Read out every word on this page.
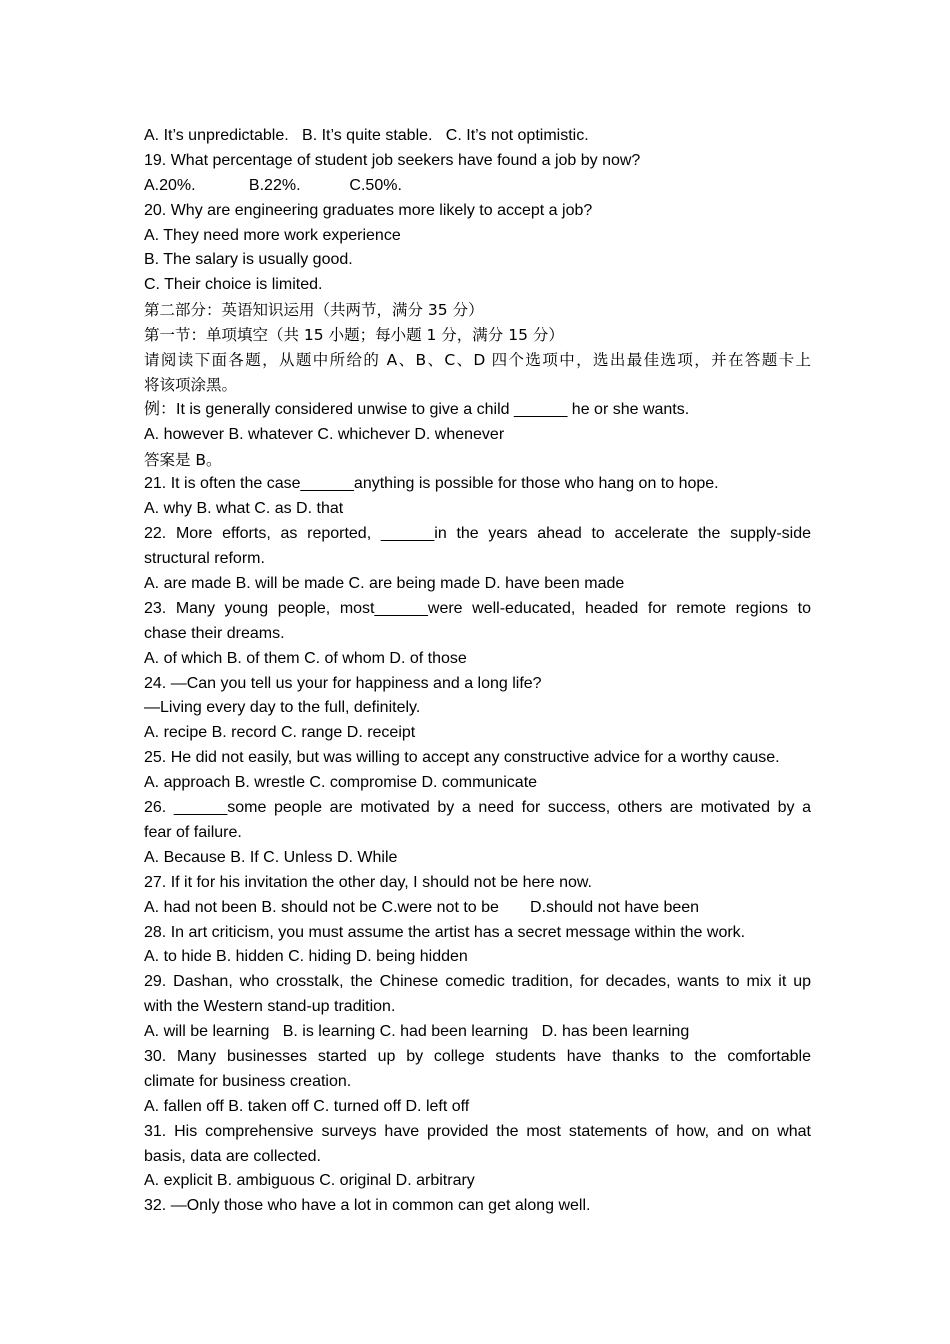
A. It’s unpredictable.   B. It’s quite stable.   C. It’s not optimistic.
19. What percentage of student job seekers have found a job by now?
A.20%.            B.22%.           C.50%.
20. Why are engineering graduates more likely to accept a job?
A. They need more work experience
B. The salary is usually good.
C. Their choice is limited.
第二部分：英语知识运用（共两节，满分 35 分）
第一节：单项填空（共 15 小题；每小题 1 分，满分 15 分）
请阅读下面各题，从题中所给的 A、B、C、D 四个选项中，选出最佳选项，并在答题卡上
将该项涂黑。
例：It is generally considered unwise to give a child ______ he or she wants.
A. however B. whatever C. whichever D. whenever
答案是 B。
21. It is often the case______anything is possible for those who hang on to hope.
A. why B. what C. as D. that
22. More efforts, as reported, ______in the years ahead to accelerate the supply-side
structural reform.
A. are made B. will be made C. are being made D. have been made
23. Many young people, most______were well-educated, headed for remote regions to
chase their dreams.
A. of which B. of them C. of whom D. of those
24. —Can you tell us your for happiness and a long life?
—Living every day to the full, definitely.
A. recipe B. record C. range D. receipt
25. He did not easily, but was willing to accept any constructive advice for a worthy cause.
A. approach B. wrestle C. compromise D. communicate
26. ______some people are motivated by a need for success, others are motivated by a
fear of failure.
A. Because B. If C. Unless D. While
27. If it for his invitation the other day, I should not be here now.
A. had not been B. should not be C.were not to be       D.should not have been
28. In art criticism, you must assume the artist has a secret message within the work.
A. to hide B. hidden C. hiding D. being hidden
29. Dashan, who crosstalk, the Chinese comedic tradition, for decades, wants to mix it up
with the Western stand-up tradition.
A. will be learning   B. is learning C. had been learning   D. has been learning
30. Many businesses started up by college students have thanks to the comfortable
climate for business creation.
A. fallen off B. taken off C. turned off D. left off
31. His comprehensive surveys have provided the most statements of how, and on what
basis, data are collected.
A. explicit B. ambiguous C. original D. arbitrary
32. —Only those who have a lot in common can get along well.
